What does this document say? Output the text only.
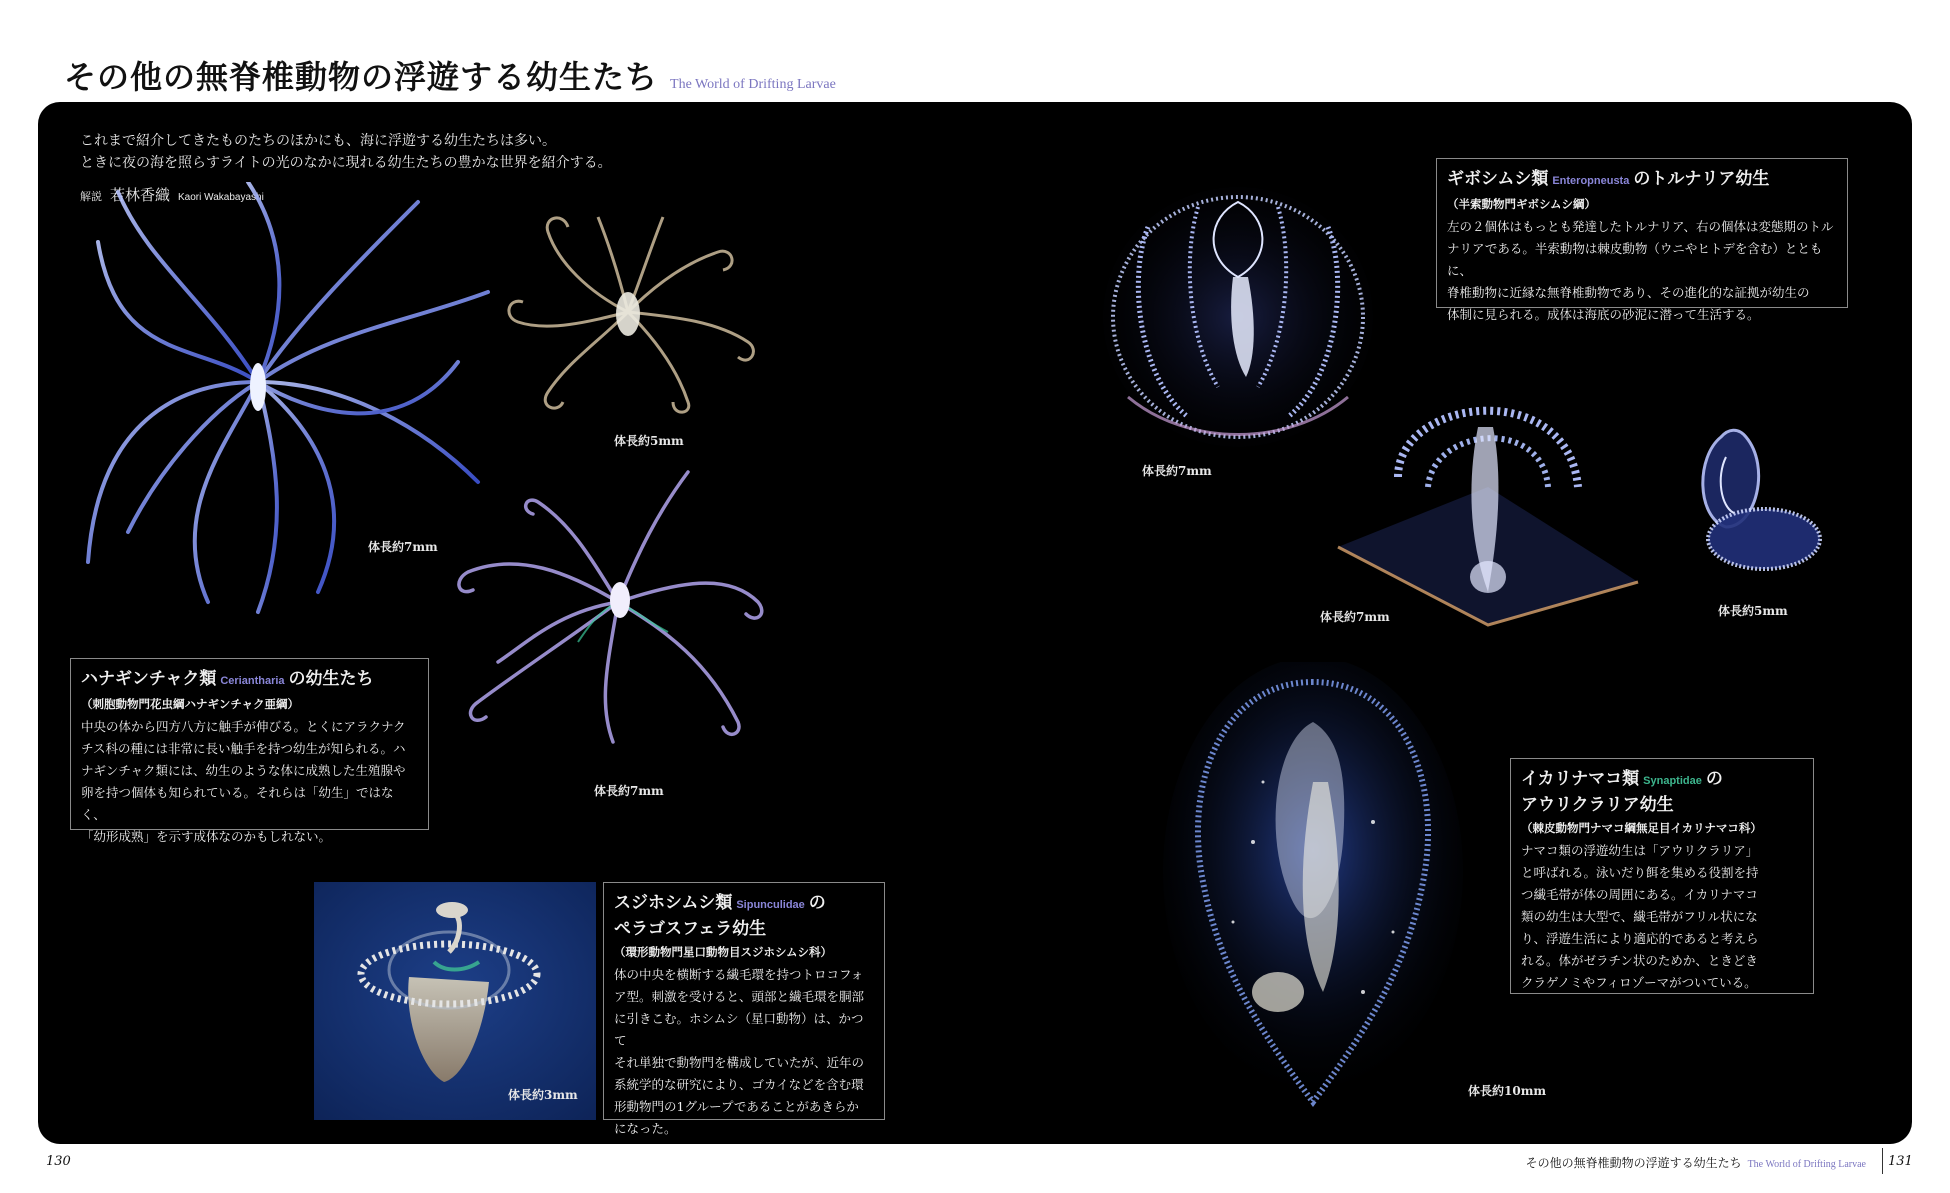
その他の無脊椎動物の浮遊する幼生たち The World of Drifting Larvae
これまで紹介してきたものたちのほかにも、海に浮遊する幼生たちは多い。
ときに夜の海を照らすライトの光のなかに現れる幼生たちの豊かな世界を紹介する。
解説 若林香織 Kaori Wakabayashi
体長約7mm
体長約5mm
体長約7mm
ハナギンチャク類 Ceriantharia の幼生たち
（刺胞動物門花虫綱ハナギンチャク亜綱）
中央の体から四方八方に触手が伸びる。とくにアラクナク
チス科の種には非常に長い触手を持つ幼生が知られる。ハ
ナギンチャク類には、幼生のような体に成熟した生殖腺や
卵を持つ個体も知られている。それらは「幼生」ではなく、
「幼形成熟」を示す成体なのかもしれない。
体長約3mm
スジホシムシ類 Sipunculidae の
ペラゴスフェラ幼生
（環形動物門星口動物目スジホシムシ科）
体の中央を横断する繊毛環を持つトロコフォ
ア型。刺激を受けると、頭部と繊毛環を胴部
に引きこむ。ホシムシ（星口動物）は、かつて
それ単独で動物門を構成していたが、近年の
系統学的な研究により、ゴカイなどを含む環
形動物門の1グループであることがあきらか
になった。
体長約7mm
ギボシムシ類 Enteropneusta のトルナリア幼生
（半索動物門ギボシムシ綱）
左の２個体はもっとも発達したトルナリア、右の個体は変態期のトル
ナリアである。半索動物は棘皮動物（ウニやヒトデを含む）とともに、
脊椎動物に近縁な無脊椎動物であり、その進化的な証拠が幼生の
体制に見られる。成体は海底の砂泥に潜って生活する。
体長約7mm	体長約5mm
体長約10mm
イカリナマコ類 Synaptidae の
アウリクラリア幼生
（棘皮動物門ナマコ綱無足目イカリナマコ科）
ナマコ類の浮遊幼生は「アウリクラリア」
と呼ばれる。泳いだり餌を集める役割を持
つ繊毛帯が体の周囲にある。イカリナマコ
類の幼生は大型で、繊毛帯がフリル状にな
り、浮遊生活により適応的であると考えら
れる。体がゼラチン状のためか、ときどき
クラゲノミやフィロゾーマがついている。
130	その他の無脊椎動物の浮遊する幼生たち The World of Drifting Larvae 131
